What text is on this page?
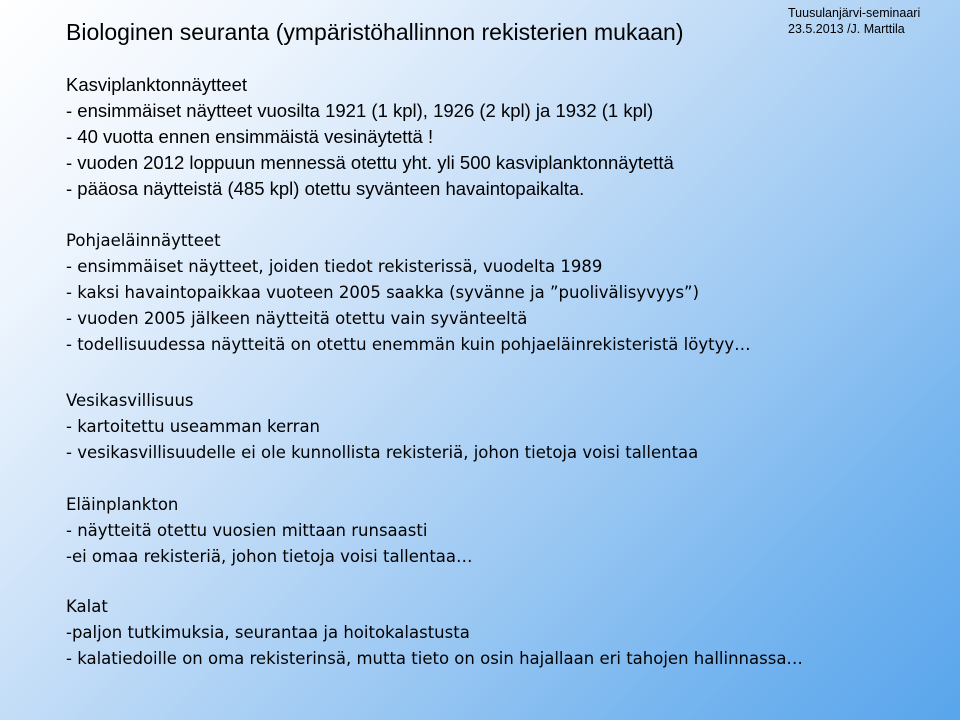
Biologinen seuranta (ympäristöhallinnon rekisterien mukaan)
Tuusulanjärvi-seminaari
23.5.2013 /J. Marttila
Kasviplanktonnäytteet
- ensimmäiset näytteet vuosilta 1921 (1 kpl), 1926 (2 kpl) ja 1932 (1 kpl)
- 40 vuotta ennen ensimmäistä vesinäytettä !
- vuoden 2012 loppuun mennessä otettu yht. yli 500 kasviplanktonnäytettä
- pääosa näytteistä (485 kpl) otettu syvänteen havaintopaikalta.
Pohjaeläinnäytteet
- ensimmäiset näytteet, joiden tiedot rekisterissä, vuodelta 1989
- kaksi havaintopaikkaa vuoteen 2005 saakka (syvänne ja ”puolivälisyvyys”)
- vuoden 2005 jälkeen näytteitä otettu vain syvänteeltä
- todellisuudessa näytteitä on otettu enemmän kuin pohjaeläinrekisteristä löytyy…
Vesikasvillisuus
- kartoitettu useamman kerran
- vesikasvillisuudelle ei ole kunnollista rekisteriä, johon tietoja voisi tallentaa
Eläinplankton
- näytteitä otettu vuosien mittaan runsaasti
-ei omaa rekisteriä, johon tietoja voisi tallentaa…
Kalat
-paljon tutkimuksia, seurantaa ja hoitokalastusta
- kalatiedoille on oma rekisterinsä, mutta tieto on osin hajallaan eri tahojen hallinnassa…
